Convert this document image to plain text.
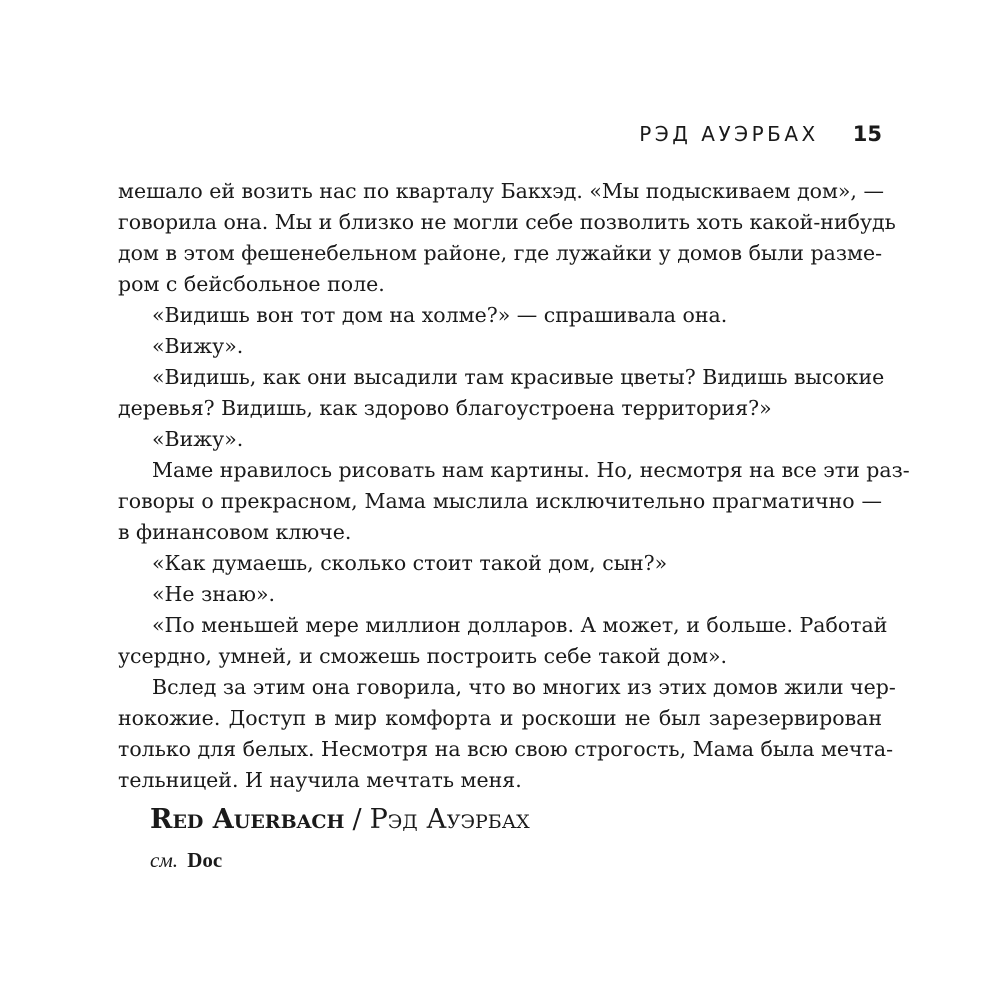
РЭД АУЭРБАХ 15
мешало ей возить нас по кварталу Бакхэд. «Мы подыскиваем дом», —
говорила она. Мы и близко не могли себе позволить хоть какой-нибудь
дом в этом фешенебельном районе, где лужайки у домов были разме-
ром с бейсбольное поле.
«Видишь вон тот дом на холме?» — спрашивала она.
«Вижу».
«Видишь, как они высадили там красивые цветы? Видишь высокие
деревья? Видишь, как здорово благоустроена территория?»
«Вижу».
Маме нравилось рисовать нам картины. Но, несмотря на все эти раз-
говоры о прекрасном, Мама мыслила исключительно прагматично —
в финансовом ключе.
«Как думаешь, сколько стоит такой дом, сын?»
«Не знаю».
«По меньшей мере миллион долларов. А может, и больше. Работай
усердно, умней, и сможешь построить себе такой дом».
Вслед за этим она говорила, что во многих из этих домов жили чер-
нокожие. Доступ в мир комфорта и роскоши не был зарезервирован
только для белых. Несмотря на всю свою строгость, Мама была мечта-
тельницей. И научила мечтать меня.
Red Auerbach / Рэд Ауэрбах
см. Doc
